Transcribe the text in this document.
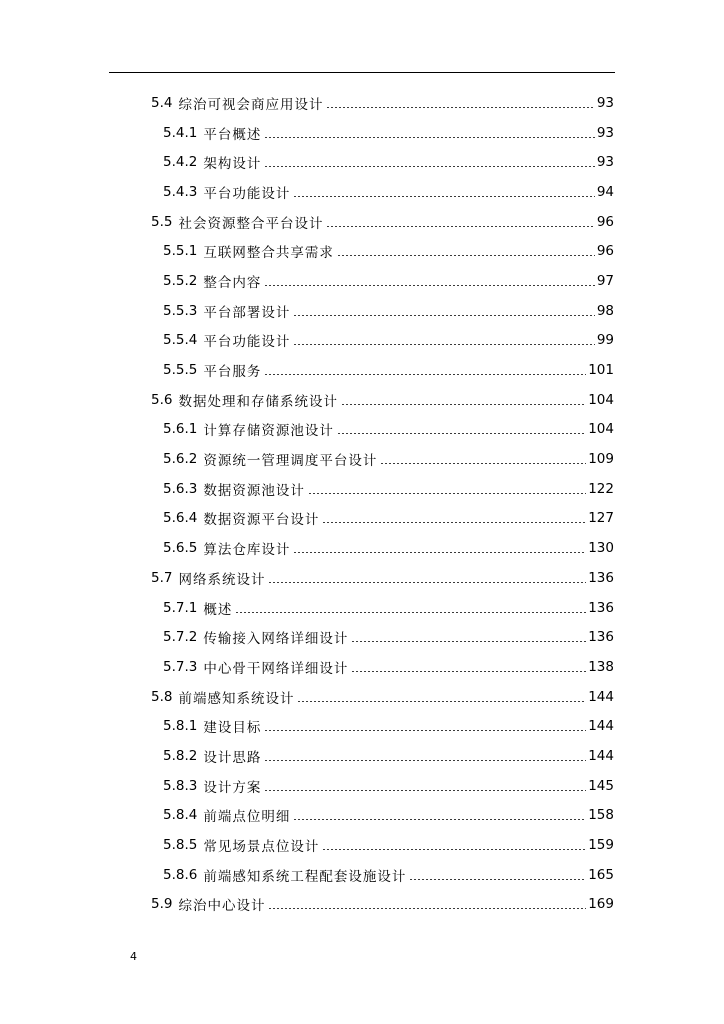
5.4 综治可视会商应用设计	93
5.4.1 平台概述	93
5.4.2 架构设计	93
5.4.3 平台功能设计	94
5.5 社会资源整合平台设计	96
5.5.1 互联网整合共享需求	96
5.5.2 整合内容	97
5.5.3 平台部署设计	98
5.5.4 平台功能设计	99
5.5.5 平台服务	101
5.6 数据处理和存储系统设计	104
5.6.1 计算存储资源池设计	104
5.6.2 资源统一管理调度平台设计	109
5.6.3 数据资源池设计	122
5.6.4 数据资源平台设计	127
5.6.5 算法仓库设计	130
5.7 网络系统设计	136
5.7.1 概述	136
5.7.2 传输接入网络详细设计	136
5.7.3 中心骨干网络详细设计	138
5.8 前端感知系统设计	144
5.8.1 建设目标	144
5.8.2 设计思路	144
5.8.3 设计方案	145
5.8.4 前端点位明细	158
5.8.5 常见场景点位设计	159
5.8.6 前端感知系统工程配套设施设计	165
5.9 综治中心设计	169
4
